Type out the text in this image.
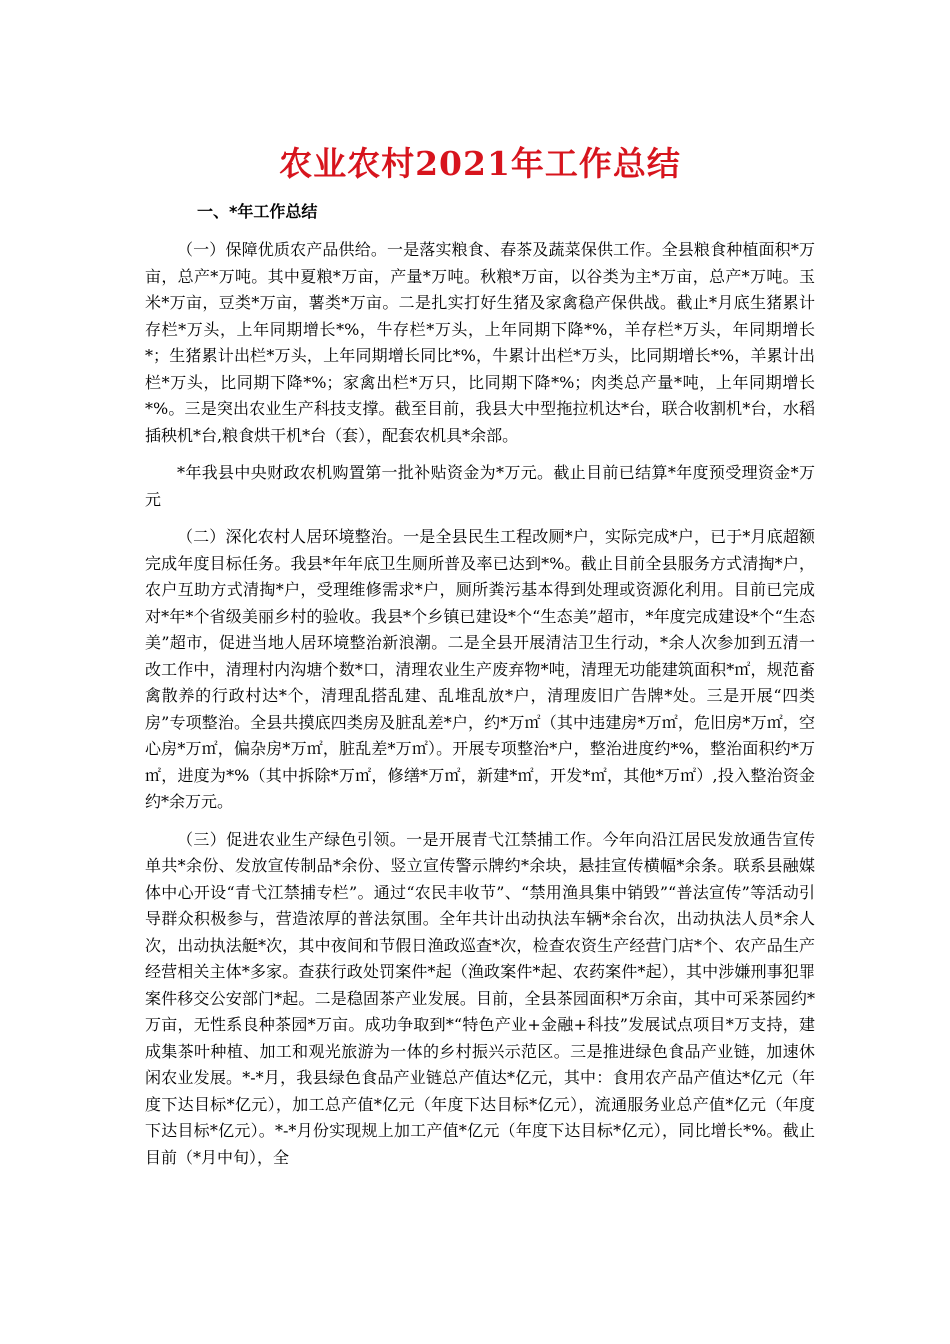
农业农村2021年工作总结
一、*年工作总结

（一）保障优质农产品供给。一是落实粮食、春茶及蔬菜保供工作。全县粮食种植面积*万亩，总产*万吨。其中夏粮*万亩，产量*万吨。秋粮*万亩，以谷类为主*万亩，总产*万吨。玉米*万亩，豆类*万亩，薯类*万亩。二是扎实打好生猪及家禽稳产保供战。截止*月底生猪累计存栏*万头，上年同期增长*%，牛存栏*万头，上年同期下降*%，羊存栏*万头，年同期增长*；生猪累计出栏*万头，上年同期增长同比*%，牛累计出栏*万头，比同期增长*%，羊累计出栏*万头，比同期下降*%；家禽出栏*万只，比同期下降*%；肉类总产量*吨，上年同期增长*%。三是突出农业生产科技支撑。截至目前，我县大中型拖拉机达*台，联合收割机*台，水稻插秧机*台,粮食烘干机*台（套），配套农机具*余部。

*年我县中央财政农机购置第一批补贴资金为*万元。截止目前已结算*年度预受理资金*万元

（二）深化农村人居环境整治。一是全县民生工程改厕*户，实际完成*户，已于*月底超额完成年度目标任务。我县*年年底卫生厕所普及率已达到*%。截止目前全县服务方式清掏*户，农户互助方式清掏*户，受理维修需求*户，厕所粪污基本得到处理或资源化利用。目前已完成对*年*个省级美丽乡村的验收。我县*个乡镇已建设*个“生态美”超市，*年度完成建设*个“生态美”超市，促进当地人居环境整治新浪潮。二是全县开展清洁卫生行动，*余人次参加到五清一改工作中，清理村内沟塘个数*口，清理农业生产废弃物*吨，清理无功能建筑面积*㎡，规范畜禽散养的行政村达*个，清理乱搭乱建、乱堆乱放*户，清理废旧广告牌*处。三是开展“四类房”专项整治。全县共摸底四类房及脏乱差*户，约*万㎡（其中违建房*万㎡，危旧房*万㎡，空心房*万㎡，偏杂房*万㎡，脏乱差*万㎡）。开展专项整治*户，整治进度约*%，整治面积约*万㎡，进度为*%（其中拆除*万㎡，修缮*万㎡，新建*㎡，开发*㎡，其他*万㎡）,投入整治资金约*余万元。

（三）促进农业生产绿色引领。一是开展青弋江禁捕工作。今年向沿江居民发放通告宣传单共*余份、发放宣传制品*余份、竖立宣传警示牌约*余块，悬挂宣传横幅*余条。联系县融媒体中心开设“青弋江禁捕专栏”。通过“农民丰收节”、“禁用渔具集中销毁”“普法宣传”等活动引导群众积极参与，营造浓厚的普法氛围。全年共计出动执法车辆*余台次，出动执法人员*余人次，出动执法艇*次，其中夜间和节假日渔政巡查*次，检查农资生产经营门店*个、农产品生产经营相关主体*多家。查获行政处罚案件*起（渔政案件*起、农药案件*起），其中涉嫌刑事犯罪案件移交公安部门*起。二是稳固茶产业发展。目前，全县茶园面积*万余亩，其中可采茶园约*万亩，无性系良种茶园*万亩。成功争取到*“特色产业+金融+科技”发展试点项目*万支持，建成集茶叶种植、加工和观光旅游为一体的乡村振兴示范区。三是推进绿色食品产业链，加速休闲农业发展。*-*月，我县绿色食品产业链总产值达*亿元，其中：食用农产品产值达*亿元（年度下达目标*亿元），加工总产值*亿元（年度下达目标*亿元），流通服务业总产值*亿元（年度下达目标*亿元）。*-*月份实现规上加工产值*亿元（年度下达目标*亿元），同比增长*%。截止目前（*月中旬），全
